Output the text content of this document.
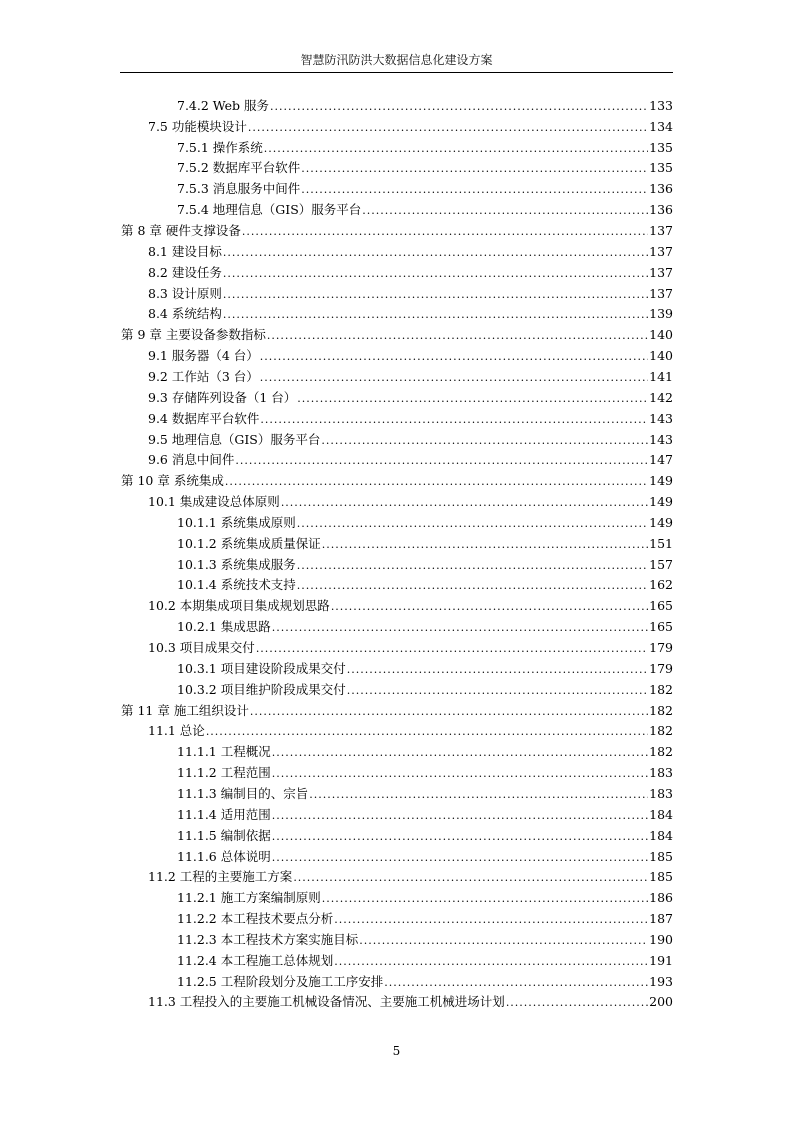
智慧防汛防洪大数据信息化建设方案
7.4.2 Web 服务 .....	133
7.5 功能模块设计 .....	134
7.5.1 操作系统 .....	135
7.5.2 数据库平台软件 .....	135
7.5.3 消息服务中间件 .....	136
7.5.4 地理信息（GIS）服务平台 .....	136
第 8 章 硬件支撑设备 .....	137
8.1 建设目标 .....	137
8.2 建设任务 .....	137
8.3 设计原则 .....	137
8.4 系统结构 .....	139
第 9 章 主要设备参数指标 .....	140
9.1 服务器（4 台） .....	140
9.2 工作站（3 台） .....	141
9.3 存储阵列设备（1 台） .....	142
9.4 数据库平台软件 .....	143
9.5 地理信息（GIS）服务平台 .....	143
9.6 消息中间件 .....	147
第 10 章 系统集成 .....	149
10.1 集成建设总体原则 .....	149
10.1.1 系统集成原则 .....	149
10.1.2 系统集成质量保证 .....	151
10.1.3 系统集成服务 .....	157
10.1.4 系统技术支持 .....	162
10.2 本期集成项目集成规划思路 .....	165
10.2.1 集成思路 .....	165
10.3 项目成果交付 .....	179
10.3.1 项目建设阶段成果交付 .....	179
10.3.2 项目维护阶段成果交付 .....	182
第 11 章 施工组织设计 .....	182
11.1 总论 .....	182
11.1.1 工程概况 .....	182
11.1.2 工程范围 .....	183
11.1.3 编制目的、宗旨 .....	183
11.1.4 适用范围 .....	184
11.1.5 编制依据 .....	184
11.1.6 总体说明 .....	185
11.2 工程的主要施工方案 .....	185
11.2.1 施工方案编制原则 .....	186
11.2.2 本工程技术要点分析 .....	187
11.2.3 本工程技术方案实施目标 .....	190
11.2.4 本工程施工总体规划 .....	191
11.2.5 工程阶段划分及施工工序安排 .....	193
11.3 工程投入的主要施工机械设备情况、主要施工机械进场计划 .....	200
5
